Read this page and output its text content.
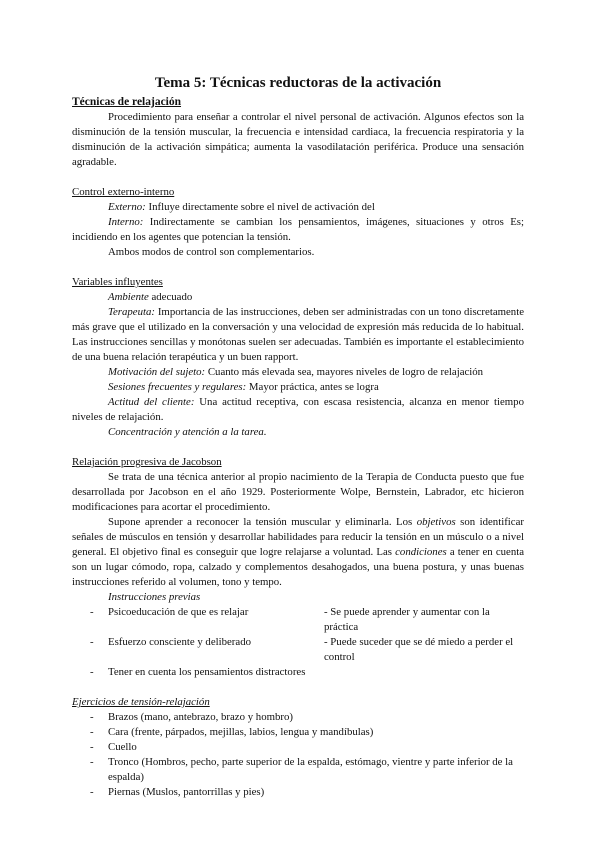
Tema 5: Técnicas reductoras de la activación
Técnicas de relajación

Procedimiento para enseñar a controlar el nivel personal de activación. Algunos efectos son la disminución de la tensión muscular, la frecuencia e intensidad cardiaca, la frecuencia respiratoria y la disminución de la activación simpática; aumenta la vasodilatación periférica. Produce una sensación agradable.

Control externo-interno

Externo: Influye directamente sobre el nivel de activación del

Interno: Indirectamente se cambian los pensamientos, imágenes, situaciones y otros Es; incidiendo en los agentes que potencian la tensión.

Ambos modos de control son complementarios.

Variables influyentes

Ambiente adecuado

Terapeuta: Importancia de las instrucciones, deben ser administradas con un tono discretamente más grave que el utilizado en la conversación y una velocidad de expresión más reducida de lo habitual. Las instrucciones sencillas y monótonas suelen ser adecuadas. También es importante el establecimiento de una buena relación terapéutica y un buen rapport.

Motivación del sujeto: Cuanto más elevada sea, mayores niveles de logro de relajación

Sesiones frecuentes y regulares: Mayor práctica, antes se logra

Actitud del cliente: Una actitud receptiva, con escasa resistencia, alcanza en menor tiempo niveles de relajación.

Concentración y atención a la tarea.

Relajación progresiva de Jacobson

Se trata de una técnica anterior al propio nacimiento de la Terapia de Conducta puesto que fue desarrollada por Jacobson en el año 1929. Posteriormente Wolpe, Bernstein, Labrador, etc hicieron modificaciones para acortar el procedimiento.

Supone aprender a reconocer la tensión muscular y eliminarla. Los objetivos son identificar señales de músculos en tensión y desarrollar habilidades para reducir la tensión en un músculo o a nivel general. El objetivo final es conseguir que logre relajarse a voluntad. Las condiciones a tener en cuenta son un lugar cómodo, ropa, calzado y complementos desahogados, una buena postura, y unas buenas instrucciones referido al volumen, tono y tempo.

Instrucciones previas

- Psicoeducación de que es relajar	- Se puede aprender y aumentar con la práctica
- Esfuerzo consciente y deliberado	- Puede suceder que se dé miedo a perder el control
- Tener en cuenta los pensamientos distractores
Ejercicios de tensión-relajación
- Brazos (mano, antebrazo, brazo y hombro)
- Cara (frente, párpados, mejillas, labios, lengua y mandíbulas)
- Cuello
- Tronco (Hombros, pecho, parte superior de la espalda, estómago, vientre y parte inferior de la espalda)
- Piernas (Muslos, pantorrillas y pies)
